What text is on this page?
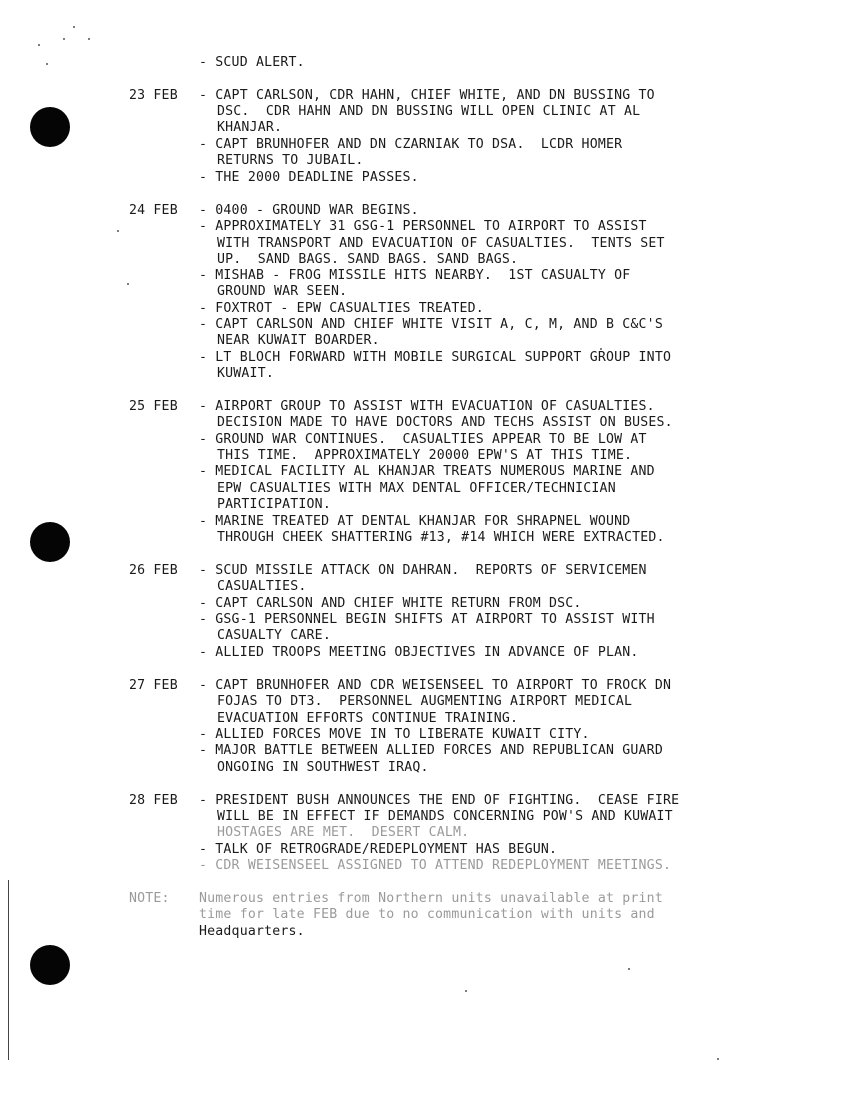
- SCUD ALERT.
23 FEB - CAPT CARLSON, CDR HAHN, CHIEF WHITE, AND DN BUSSING TO
DSC.  CDR HAHN AND DN BUSSING WILL OPEN CLINIC AT AL
KHANJAR.
- CAPT BRUNHOFER AND DN CZARNIAK TO DSA.  LCDR HOMER
RETURNS TO JUBAIL.
- THE 2000 DEADLINE PASSES.
24 FEB - 0400 - GROUND WAR BEGINS.
- APPROXIMATELY 31 GSG-1 PERSONNEL TO AIRPORT TO ASSIST
WITH TRANSPORT AND EVACUATION OF CASUALTIES.  TENTS SET
UP.  SAND BAGS. SAND BAGS. SAND BAGS.
- MISHAB - FROG MISSILE HITS NEARBY.  1ST CASUALTY OF
GROUND WAR SEEN.
- FOXTROT - EPW CASUALTIES TREATED.
- CAPT CARLSON AND CHIEF WHITE VISIT A, C, M, AND B C&C'S
NEAR KUWAIT BOARDER.
- LT BLOCH FORWARD WITH MOBILE SURGICAL SUPPORT GROUP INTO
KUWAIT.
25 FEB - AIRPORT GROUP TO ASSIST WITH EVACUATION OF CASUALTIES.
DECISION MADE TO HAVE DOCTORS AND TECHS ASSIST ON BUSES.
- GROUND WAR CONTINUES.  CASUALTIES APPEAR TO BE LOW AT
THIS TIME.  APPROXIMATELY 20000 EPW'S AT THIS TIME.
- MEDICAL FACILITY AL KHANJAR TREATS NUMEROUS MARINE AND
EPW CASUALTIES WITH MAX DENTAL OFFICER/TECHNICIAN
PARTICIPATION.
- MARINE TREATED AT DENTAL KHANJAR FOR SHRAPNEL WOUND
THROUGH CHEEK SHATTERING #13, #14 WHICH WERE EXTRACTED.
26 FEB - SCUD MISSILE ATTACK ON DAHRAN.  REPORTS OF SERVICEMEN
CASUALTIES.
- CAPT CARLSON AND CHIEF WHITE RETURN FROM DSC.
- GSG-1 PERSONNEL BEGIN SHIFTS AT AIRPORT TO ASSIST WITH
CASUALTY CARE.
- ALLIED TROOPS MEETING OBJECTIVES IN ADVANCE OF PLAN.
27 FEB - CAPT BRUNHOFER AND CDR WEISENSEEL TO AIRPORT TO FROCK DN
FOJAS TO DT3.  PERSONNEL AUGMENTING AIRPORT MEDICAL
EVACUATION EFFORTS CONTINUE TRAINING.
- ALLIED FORCES MOVE IN TO LIBERATE KUWAIT CITY.
- MAJOR BATTLE BETWEEN ALLIED FORCES AND REPUBLICAN GUARD
ONGOING IN SOUTHWEST IRAQ.
28 FEB - PRESIDENT BUSH ANNOUNCES THE END OF FIGHTING.  CEASE FIRE
WILL BE IN EFFECT IF DEMANDS CONCERNING POW'S AND KUWAIT
HOSTAGES ARE MET.  DESERT CALM.
- TALK OF RETROGRADE/REDEPLOYMENT HAS BEGUN.
- CDR WEISENSEEL ASSIGNED TO ATTEND REDEPLOYMENT MEETINGS.
NOTE: Numerous entries from Northern units unavailable at print
time for late FEB due to no communication with units and
Headquarters.
